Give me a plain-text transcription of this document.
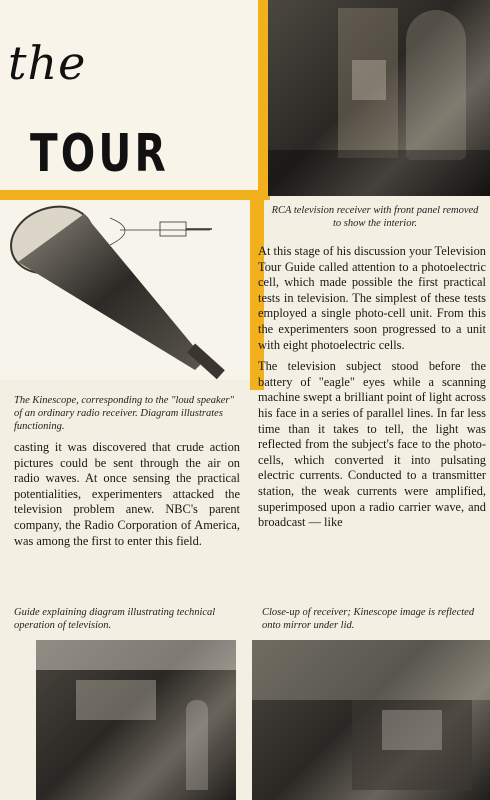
the
TOUR
RCA television receiver with front panel removed to show the interior.
The Kinescope, corresponding to the "loud speaker" of an ordinary radio receiver. Diagram illustrates functioning.

At this stage of his discussion your Television Tour Guide called attention to a photoelectric cell, which made possible the first practical tests in television. The simplest of these tests employed a single photo-cell unit. From this the experimenters soon progressed to a unit with eight photoelectric cells.

The television subject stood before the battery of "eagle" eyes while a scanning machine swept a brilliant point of light across his face in a series of parallel lines. In far less time than it takes to tell, the light was reflected from the subject's face to the photo-cells, which converted it into pulsating electric currents. Conducted to a transmitter station, the weak currents were amplified, superimposed upon a radio carrier wave, and broadcast — like

casting it was discovered that crude action pictures could be sent through the air on radio waves. At once sensing the practical potentialities, experimenters attacked the television problem anew. NBC's parent company, the Radio Corporation of America, was among the first to enter this field.

Guide explaining diagram illustrating technical operation of television.
Close-up of receiver; Kinescope image is reflected onto mirror under lid.
